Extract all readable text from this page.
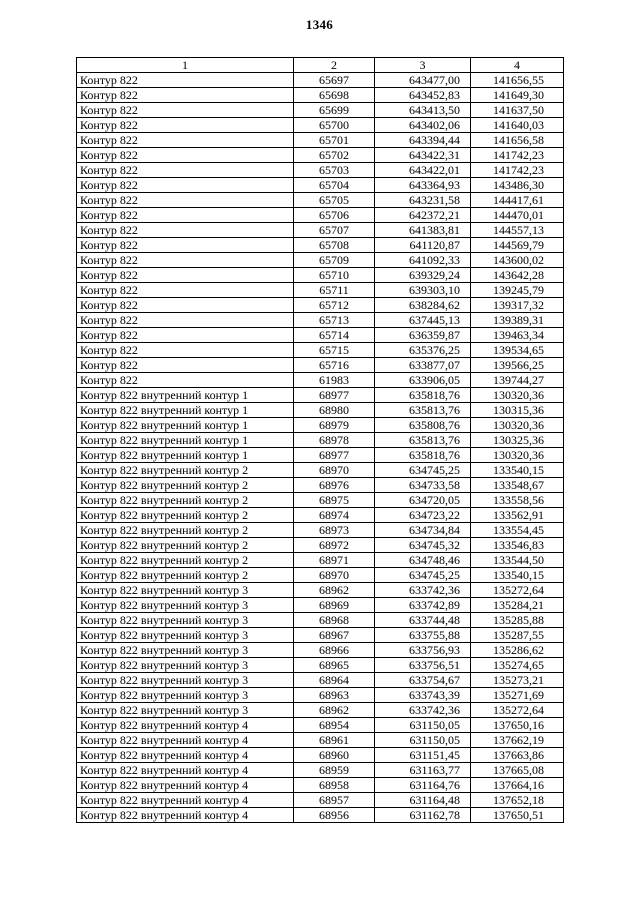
1346
1	2	3	4
Контур 822	65697	643477,00	141656,55
Контур 822	65698	643452,83	141649,30
Контур 822	65699	643413,50	141637,50
Контур 822	65700	643402,06	141640,03
Контур 822	65701	643394,44	141656,58
Контур 822	65702	643422,31	141742,23
Контур 822	65703	643422,01	141742,23
Контур 822	65704	643364,93	143486,30
Контур 822	65705	643231,58	144417,61
Контур 822	65706	642372,21	144470,01
Контур 822	65707	641383,81	144557,13
Контур 822	65708	641120,87	144569,79
Контур 822	65709	641092,33	143600,02
Контур 822	65710	639329,24	143642,28
Контур 822	65711	639303,10	139245,79
Контур 822	65712	638284,62	139317,32
Контур 822	65713	637445,13	139389,31
Контур 822	65714	636359,87	139463,34
Контур 822	65715	635376,25	139534,65
Контур 822	65716	633877,07	139566,25
Контур 822	61983	633906,05	139744,27
Контур 822 внутренний контур 1	68977	635818,76	130320,36
Контур 822 внутренний контур 1	68980	635813,76	130315,36
Контур 822 внутренний контур 1	68979	635808,76	130320,36
Контур 822 внутренний контур 1	68978	635813,76	130325,36
Контур 822 внутренний контур 1	68977	635818,76	130320,36
Контур 822 внутренний контур 2	68970	634745,25	133540,15
Контур 822 внутренний контур 2	68976	634733,58	133548,67
Контур 822 внутренний контур 2	68975	634720,05	133558,56
Контур 822 внутренний контур 2	68974	634723,22	133562,91
Контур 822 внутренний контур 2	68973	634734,84	133554,45
Контур 822 внутренний контур 2	68972	634745,32	133546,83
Контур 822 внутренний контур 2	68971	634748,46	133544,50
Контур 822 внутренний контур 2	68970	634745,25	133540,15
Контур 822 внутренний контур 3	68962	633742,36	135272,64
Контур 822 внутренний контур 3	68969	633742,89	135284,21
Контур 822 внутренний контур 3	68968	633744,48	135285,88
Контур 822 внутренний контур 3	68967	633755,88	135287,55
Контур 822 внутренний контур 3	68966	633756,93	135286,62
Контур 822 внутренний контур 3	68965	633756,51	135274,65
Контур 822 внутренний контур 3	68964	633754,67	135273,21
Контур 822 внутренний контур 3	68963	633743,39	135271,69
Контур 822 внутренний контур 3	68962	633742,36	135272,64
Контур 822 внутренний контур 4	68954	631150,05	137650,16
Контур 822 внутренний контур 4	68961	631150,05	137662,19
Контур 822 внутренний контур 4	68960	631151,45	137663,86
Контур 822 внутренний контур 4	68959	631163,77	137665,08
Контур 822 внутренний контур 4	68958	631164,76	137664,16
Контур 822 внутренний контур 4	68957	631164,48	137652,18
Контур 822 внутренний контур 4	68956	631162,78	137650,51
